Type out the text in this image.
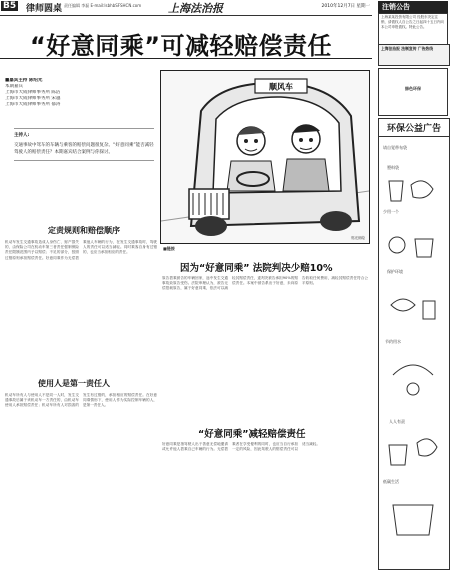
B5 律师圆桌 责任编辑 李磊 E-mail:lsbhbSFSHCN.com 上海法治报	2010年12月7日 星期一
“好意同乘”可减轻赔偿责任
■嘉宾主持 陈绍光
本期嘉宾
上海市大成律师事务所 陈洁
上海市大成律师事务所 宋越
上海市大成律师事务所 郁涛
主持人:
交通事故中驾车的车辆与乘客的赔偿问题很复杂。“好意同乘”能否减轻驾驶人的赔偿责任？本期嘉宾结合案例与你探讨。
定责规则和赔偿顺序
机动车发生交通事故造成人身伤亡、财产损失的，由保险公司在机动车第三者责任强制保险责任限额范围内予以赔偿；不足的部分，按照过错原则承担赔偿责任。好意同乘作为无偿搭乘他人车辆的行为，在发生交通事故时，驾驶人的责任可以适当减轻。同时乘客自身有过错的，也应当承担相应的责任。
使用人是第一责任人
机动车所有人与使用人不是同一人时，发生交通事故后属于该机动车一方责任的，由机动车使用人承担赔偿责任；机动车所有人对损害的发生有过错的，承担相应的赔偿责任。在好意同乘情形下，使用人作为实际控制车辆的人，是第一责任人。
顺风车
郭光朗绘
■链接
因为“好意同乘” 法院判决少赔10%
原告搭乘被告的车辆回家，途中发生交通事故致原告受伤。法院审理认为，被告无偿搭载原告，属于好意同乘，依法可以减轻其赔偿责任，遂判决被告承担90%的赔偿责任。本案中被告系出于好意，未向原告收取任何费用，减轻其赔偿责任符合公平原则。
“好意同乘”减轻赔偿责任
好意同乘是指驾驶人出于善意无偿地邀请或允许他人搭乘自己车辆的行为。无偿搭乘者在享受便利的同时，也应当自行承担一定的风险，因此驾驶人的赔偿责任可以适当减轻。
注销公告
上海某某投资有限公司 经股东决定注销，请债权人自公告之日起四十五日内向本公司申报债权。特此公告。
上海法治报 法制宣传 广告热线
绿色环保
环保公益广告
请自觉带布袋
塑料袋
少用一个
保护环境
节约用水
人人有责
低碳生活
